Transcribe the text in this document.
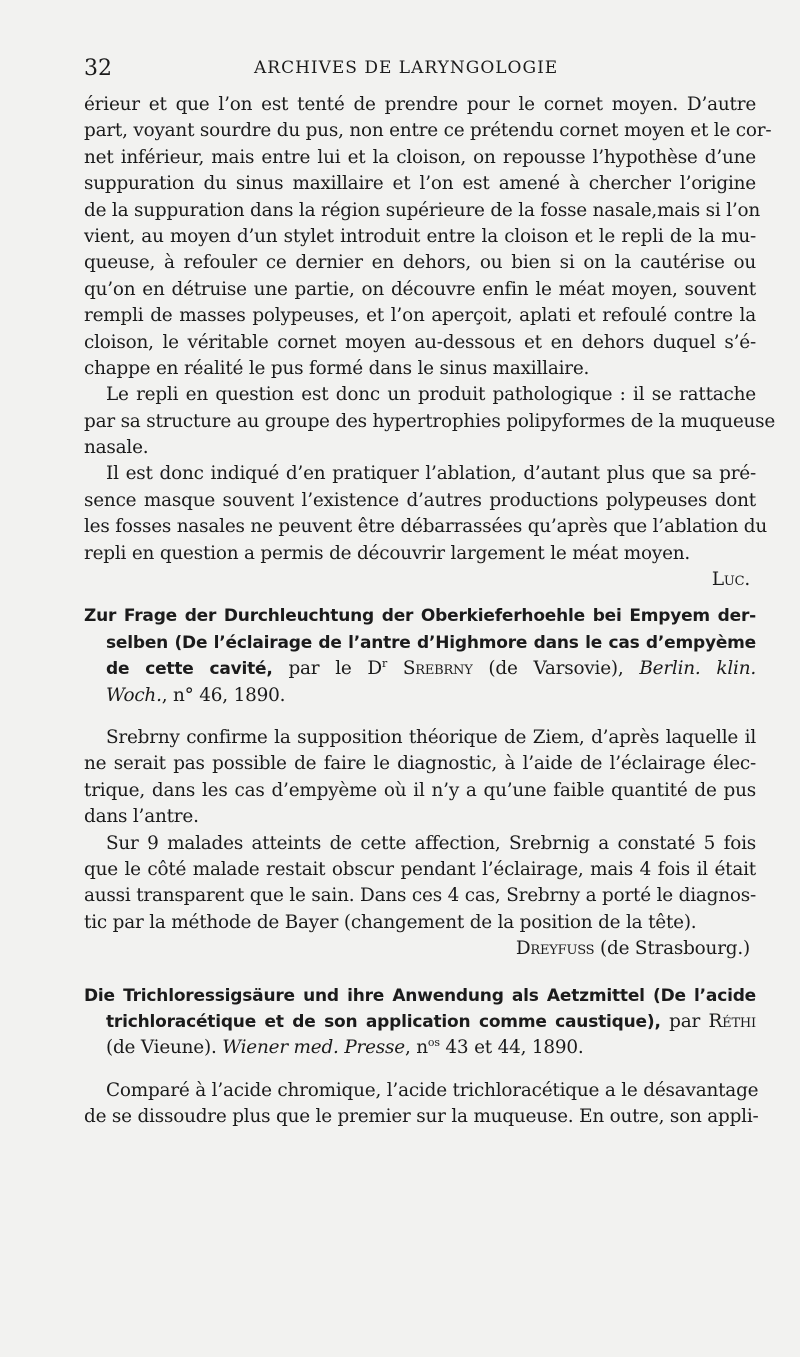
32	ARCHIVES DE LARYNGOLOGIE
érieur et que l’on est tenté de prendre pour le cornet moyen. D’autre
part, voyant sourdre du pus, non entre ce prétendu cornet moyen et le cor-
net inférieur, mais entre lui et la cloison, on repousse l’hypothèse d’une
suppuration du sinus maxillaire et l’on est amené à chercher l’origine
de la suppuration dans la région supérieure de la fosse nasale,mais si l’on
vient, au moyen d’un stylet introduit entre la cloison et le repli de la mu-
queuse, à refouler ce dernier en dehors, ou bien si on la cautérise ou
qu’on en détruise une partie, on découvre enfin le méat moyen, souvent
rempli de masses polypeuses, et l’on aperçoit, aplati et refoulé contre la
cloison, le véritable cornet moyen au-dessous et en dehors duquel s’é-
chappe en réalité le pus formé dans le sinus maxillaire.
Le repli en question est donc un produit pathologique : il se rattache
par sa structure au groupe des hypertrophies polipyformes de la muqueuse
nasale.
Il est donc indiqué d’en pratiquer l’ablation, d’autant plus que sa pré-
sence masque souvent l’existence d’autres productions polypeuses dont
les fosses nasales ne peuvent être débarrassées qu’après que l’ablation du
repli en question a permis de découvrir largement le méat moyen.
Luc.
Zur Frage der Durchleuchtung der Oberkieferhoehle bei Empyem der-
selben (De l’éclairage de l’antre d’Highmore dans le cas d’empyème
de cette cavité, par le $D^r$ Srebrny (de Varsovie), Berlin. klin.
Woch., n° 46, 1890.
Srebrny confirme la supposition théorique de Ziem, d’après laquelle il
ne serait pas possible de faire le diagnostic, à l’aide de l’éclairage élec-
trique, dans les cas d’empyème où il n’y a qu’une faible quantité de pus
dans l’antre.
Sur 9 malades atteints de cette affection, Srebrnig a constaté 5 fois
que le côté malade restait obscur pendant l’éclairage, mais 4 fois il était
aussi transparent que le sain. Dans ces 4 cas, Srebrny a porté le diagnos-
tic par la méthode de Bayer (changement de la position de la tête).
Dreyfuss (de Strasbourg.)
Die Trichloressigsäure und ihre Anwendung als Aetzmittel (De l’acide
trichloracétique et de son application comme caustique), par Réthi
(de Vieune). Wiener med. Presse, $n^{os}$ 43 et 44, 1890.
Comparé à l’acide chromique, l’acide trichloracétique a le désavantage
de se dissoudre plus que le premier sur la muqueuse. En outre, son appli-
